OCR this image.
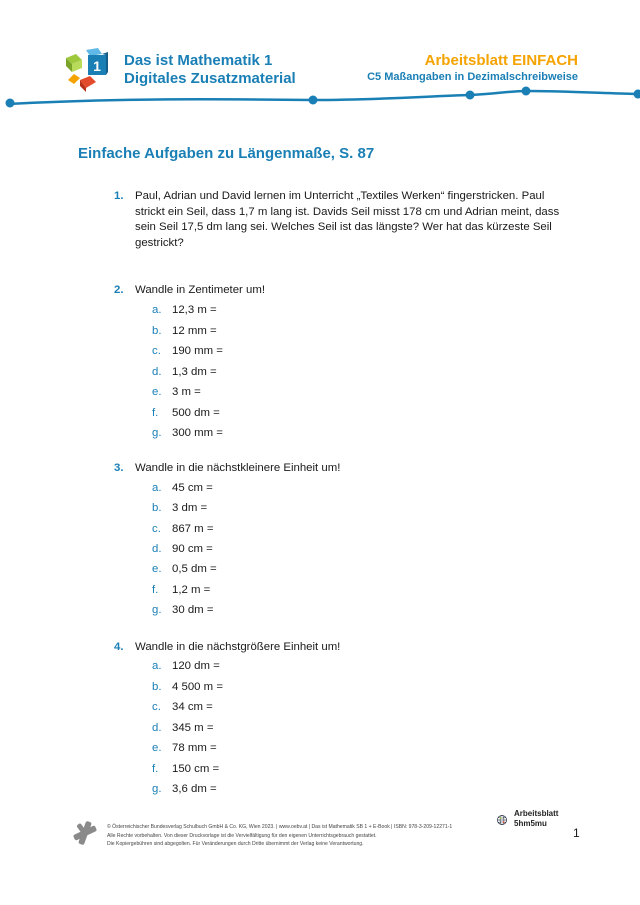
1 Das ist Mathematik 1
Digitales Zusatzmaterial
Arbeitsblatt EINFACH
C5 Maßangaben in Dezimalschreibweise
Einfache Aufgaben zu Längenmaße, S. 87
1. Paul, Adrian und David lernen im Unterricht „Textiles Werken“ fingerstricken. Paul strickt ein Seil, dass 1,7 m lang ist. Davids Seil misst 178 cm und Adrian meint, dass sein Seil 17,5 dm lang sei. Welches Seil ist das längste? Wer hat das kürzeste Seil gestrickt?
2. Wandle in Zentimeter um!
a. 12,3 m =
b. 12 mm =
c. 190 mm =
d. 1,3 dm =
e. 3 m =
f. 500 dm =
g. 300 mm =
3. Wandle in die nächstkleinere Einheit um!
a. 45 cm =
b. 3 dm =
c. 867 m =
d. 90 cm =
e. 0,5 dm =
f. 1,2 m =
g. 30 dm =
4. Wandle in die nächstgrößere Einheit um!
a. 120 dm =
b. 4 500 m =
c. 34 cm =
d. 345 m =
e. 78 mm =
f. 150 cm =
g. 3,6 dm =
© Österreichischer Bundesverlag Schulbuch GmbH & Co. KG, Wien 2023. | www.oebv.at | Das ist Mathematik SB 1 + E-Book | ISBN: 978-3-209-12271-1
Alle Rechte vorbehalten. Von dieser Druckvorlage ist die Vervielfältigung für den eigenen Unterrichtsgebrauch gestattet.
Die Kopiergebühren sind abgegolten. Für Veränderungen durch Dritte übernimmt der Verlag keine Verantwortung.
Arbeitsblatt
5hm5mu
1
